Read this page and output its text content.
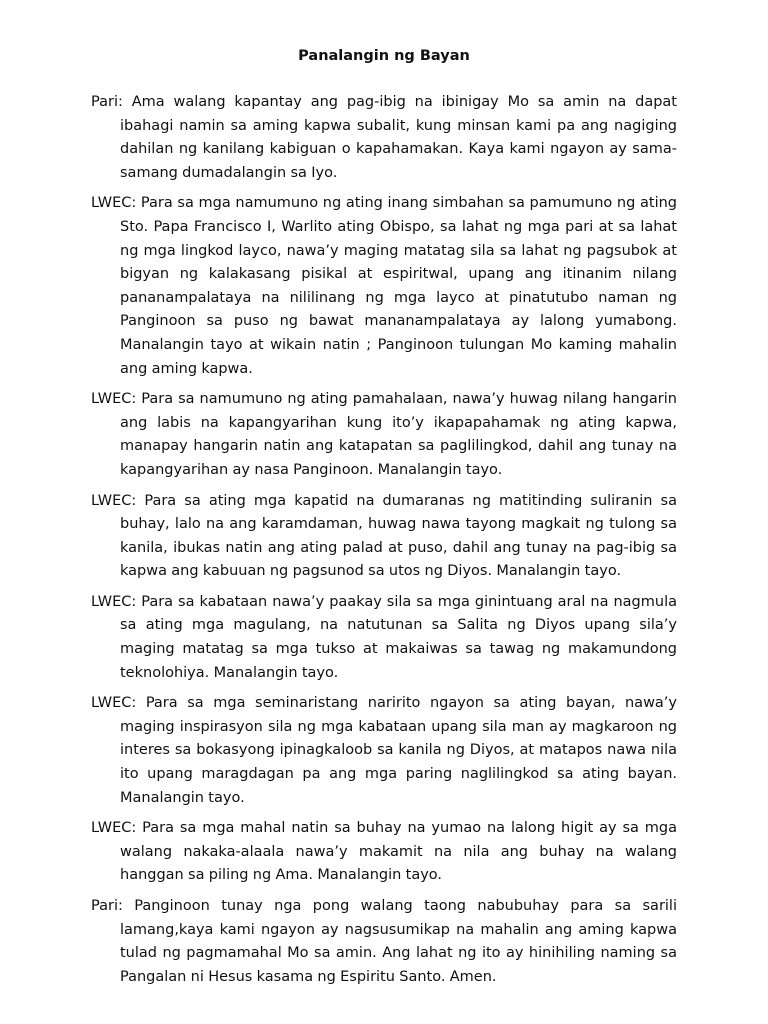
Panalangin ng Bayan

Pari: Ama walang kapantay ang pag-ibig na ibinigay Mo sa amin na dapat ibahagi namin sa aming kapwa subalit, kung minsan kami pa ang nagiging dahilan ng kanilang kabiguan o kapahamakan. Kaya kami ngayon ay sama-samang dumadalangin sa Iyo.

LWEC: Para sa mga namumuno ng ating inang simbahan sa pamumuno ng ating Sto. Papa Francisco I, Warlito ating Obispo, sa lahat ng mga pari at sa lahat ng mga lingkod layco, nawa’y maging matatag sila sa lahat ng pagsubok at bigyan ng kalakasang pisikal at espiritwal, upang ang itinanim nilang pananampalataya na nililinang ng mga layco at pinatutubo naman ng Panginoon sa puso ng bawat mananampalataya ay lalong yumabong. Manalangin tayo at wikain natin ; Panginoon tulungan Mo kaming mahalin ang aming kapwa.

LWEC: Para sa namumuno ng ating pamahalaan, nawa’y huwag nilang hangarin ang labis na kapangyarihan kung ito’y ikapapahamak ng ating kapwa, manapay hangarin natin ang katapatan sa paglilingkod, dahil ang tunay na kapangyarihan ay nasa Panginoon. Manalangin tayo.

LWEC: Para sa ating mga kapatid na dumaranas ng matitinding suliranin sa buhay, lalo na ang karamdaman, huwag nawa tayong magkait ng tulong sa kanila, ibukas natin ang ating palad at puso, dahil ang tunay na pag-ibig sa kapwa ang kabuuan ng pagsunod sa utos ng Diyos. Manalangin tayo.

LWEC: Para sa kabataan nawa’y paakay sila sa mga ginintuang aral na nagmula sa ating mga magulang, na natutunan sa Salita ng Diyos upang sila’y maging matatag sa mga tukso at makaiwas sa tawag ng makamundong teknolohiya. Manalangin tayo.

LWEC: Para sa mga seminaristang naririto ngayon sa ating bayan, nawa’y maging inspirasyon sila ng mga kabataan upang sila man ay magkaroon ng interes sa bokasyong ipinagkaloob sa kanila ng Diyos, at matapos nawa nila ito upang maragdagan pa ang mga paring naglilingkod sa ating bayan. Manalangin tayo.

LWEC: Para sa mga mahal natin sa buhay na yumao na lalong higit ay sa mga walang nakaka-alaala nawa’y makamit na nila ang buhay na walang hanggan sa piling ng Ama. Manalangin tayo.

Pari: Panginoon tunay nga pong walang taong nabubuhay para sa sarili lamang,kaya kami ngayon ay nagsusumikap na mahalin ang aming kapwa tulad ng pagmamahal Mo sa amin. Ang lahat ng ito ay hinihiling naming sa Pangalan ni Hesus kasama ng Espiritu Santo. Amen.
